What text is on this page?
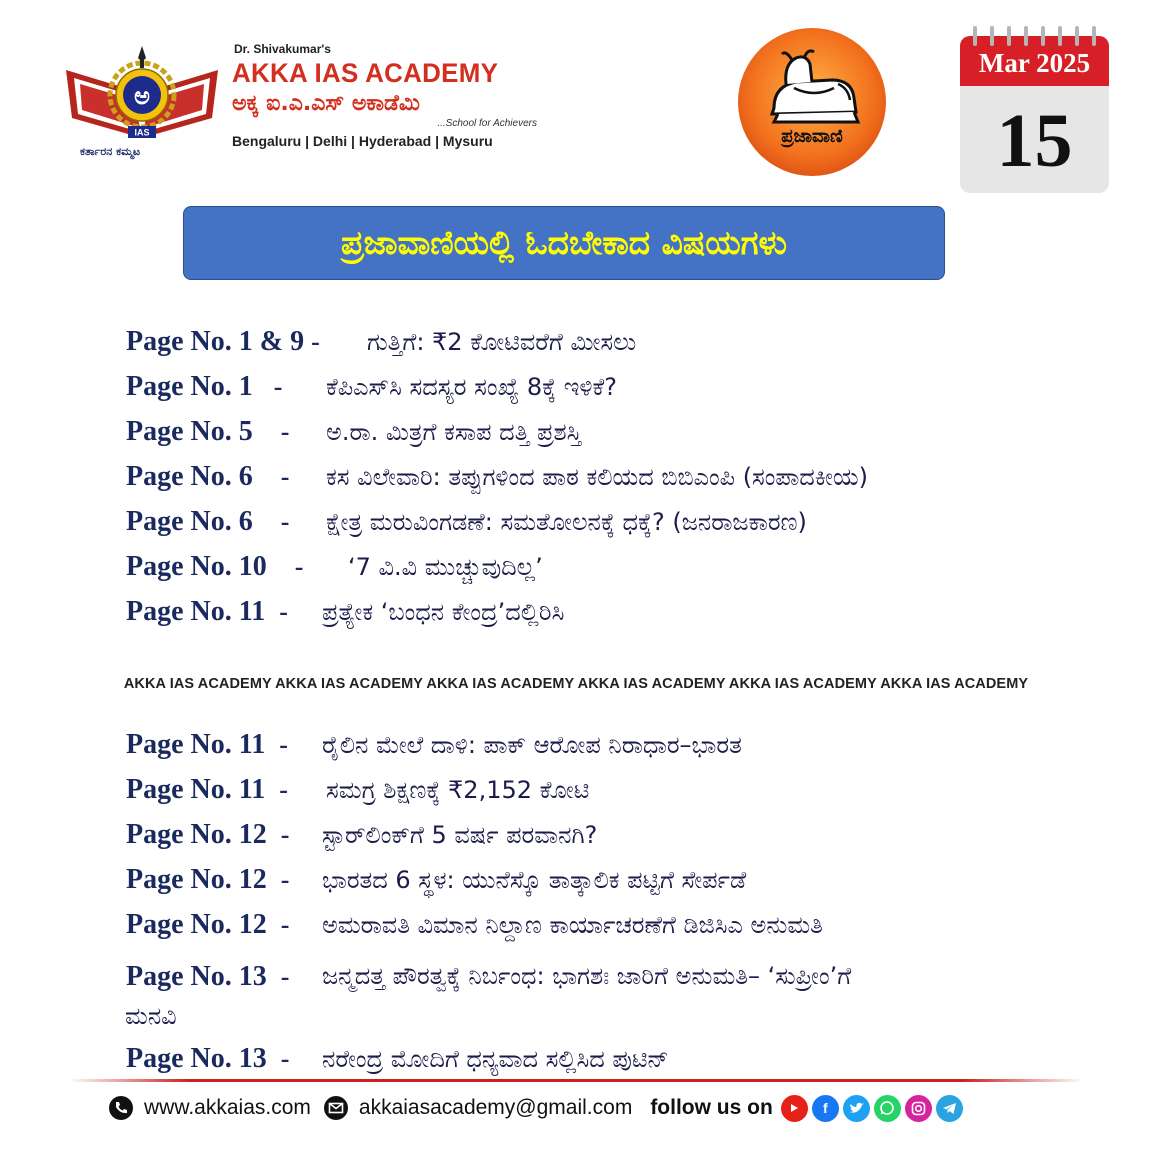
ಅ
IAS
ಕರ್ತಾರನ ಕಮ್ಮಟ
Dr. Shivakumar's
AKKA IAS ACADEMY
ಅಕ್ಕ ಐ.ಎ.ಎಸ್ ಅಕಾಡೆಮಿ
...School for Achievers
Bengaluru | Delhi | Hyderabad | Mysuru	ಪ್ರಜಾವಾಣಿ
Mar 2025
15
ಪ್ರಜಾವಾಣಿಯಲ್ಲಿ ಓದಬೇಕಾದ ವಿಷಯಗಳು
Page No. 1 & 9 -	ಗುತ್ತಿಗೆ: ₹2 ಕೋಟಿವರೆಗೆ ಮೀಸಲು
Page No. 1 -	ಕೆಪಿಎಸ್‌ಸಿ ಸದಸ್ಯರ ಸಂಖ್ಯೆ 8ಕ್ಕೆ ಇಳಿಕೆ?
Page No. 5 -	ಅ.ರಾ. ಮಿತ್ರಗೆ ಕಸಾಪ ದತ್ತಿ ಪ್ರಶಸ್ತಿ
Page No. 6 -	ಕಸ ವಿಲೇವಾರಿ: ತಪ್ಪುಗಳಿಂದ ಪಾಠ ಕಲಿಯದ ಬಿಬಿಎಂಪಿ (ಸಂಪಾದಕೀಯ)
Page No. 6 -	ಕ್ಷೇತ್ರ ಮರುವಿಂಗಡಣೆ: ಸಮತೋಲನಕ್ಕೆ ಧಕ್ಕೆ? (ಜನರಾಜಕಾರಣ)
Page No. 10 -	‘7 ವಿ.ವಿ ಮುಚ್ಚುವುದಿಲ್ಲ’
Page No. 11 -	ಪ್ರತ್ಯೇಕ ‘ಬಂಧನ ಕೇಂದ್ರ’ದಲ್ಲಿರಿಸಿ
AKKA IAS ACADEMY AKKA IAS ACADEMY AKKA IAS ACADEMY AKKA IAS ACADEMY AKKA IAS ACADEMY AKKA IAS ACADEMY
Page No. 11 -	ರೈಲಿನ ಮೇಲೆ ದಾಳಿ: ಪಾಕ್ ಆರೋಪ ನಿರಾಧಾರ–ಭಾರತ
Page No. 11 -	ಸಮಗ್ರ ಶಿಕ್ಷಣಕ್ಕೆ ₹2,152 ಕೋಟಿ
Page No. 12 -	ಸ್ಟಾರ್‌ಲಿಂಕ್‌ಗೆ 5 ವರ್ಷ ಪರವಾನಗಿ?
Page No. 12 -	ಭಾರತದ 6 ಸ್ಥಳ: ಯುನೆಸ್ಕೊ ತಾತ್ಕಾಲಿಕ ಪಟ್ಟಿಗೆ ಸೇರ್ಪಡೆ
Page No. 12 -	ಅಮರಾವತಿ ವಿಮಾನ ನಿಲ್ದಾಣ ಕಾರ್ಯಾಚರಣೆಗೆ ಡಿಜಿಸಿಎ ಅನುಮತಿ
Page No. 13 -	ಜನ್ಮದತ್ತ ಪೌರತ್ವಕ್ಕೆ ನಿರ್ಬಂಧ: ಭಾಗಶಃ ಜಾರಿಗೆ ಅನುಮತಿ– ‘ಸುಪ್ರೀಂ’ಗೆ
ಮನವಿ
Page No. 13 -	ನರೇಂದ್ರ ಮೋದಿಗೆ ಧನ್ಯವಾದ ಸಲ್ಲಿಸಿದ ಪುಟಿನ್
www.akkaias.com akkaiasacademy@gmail.com follow us on	f
